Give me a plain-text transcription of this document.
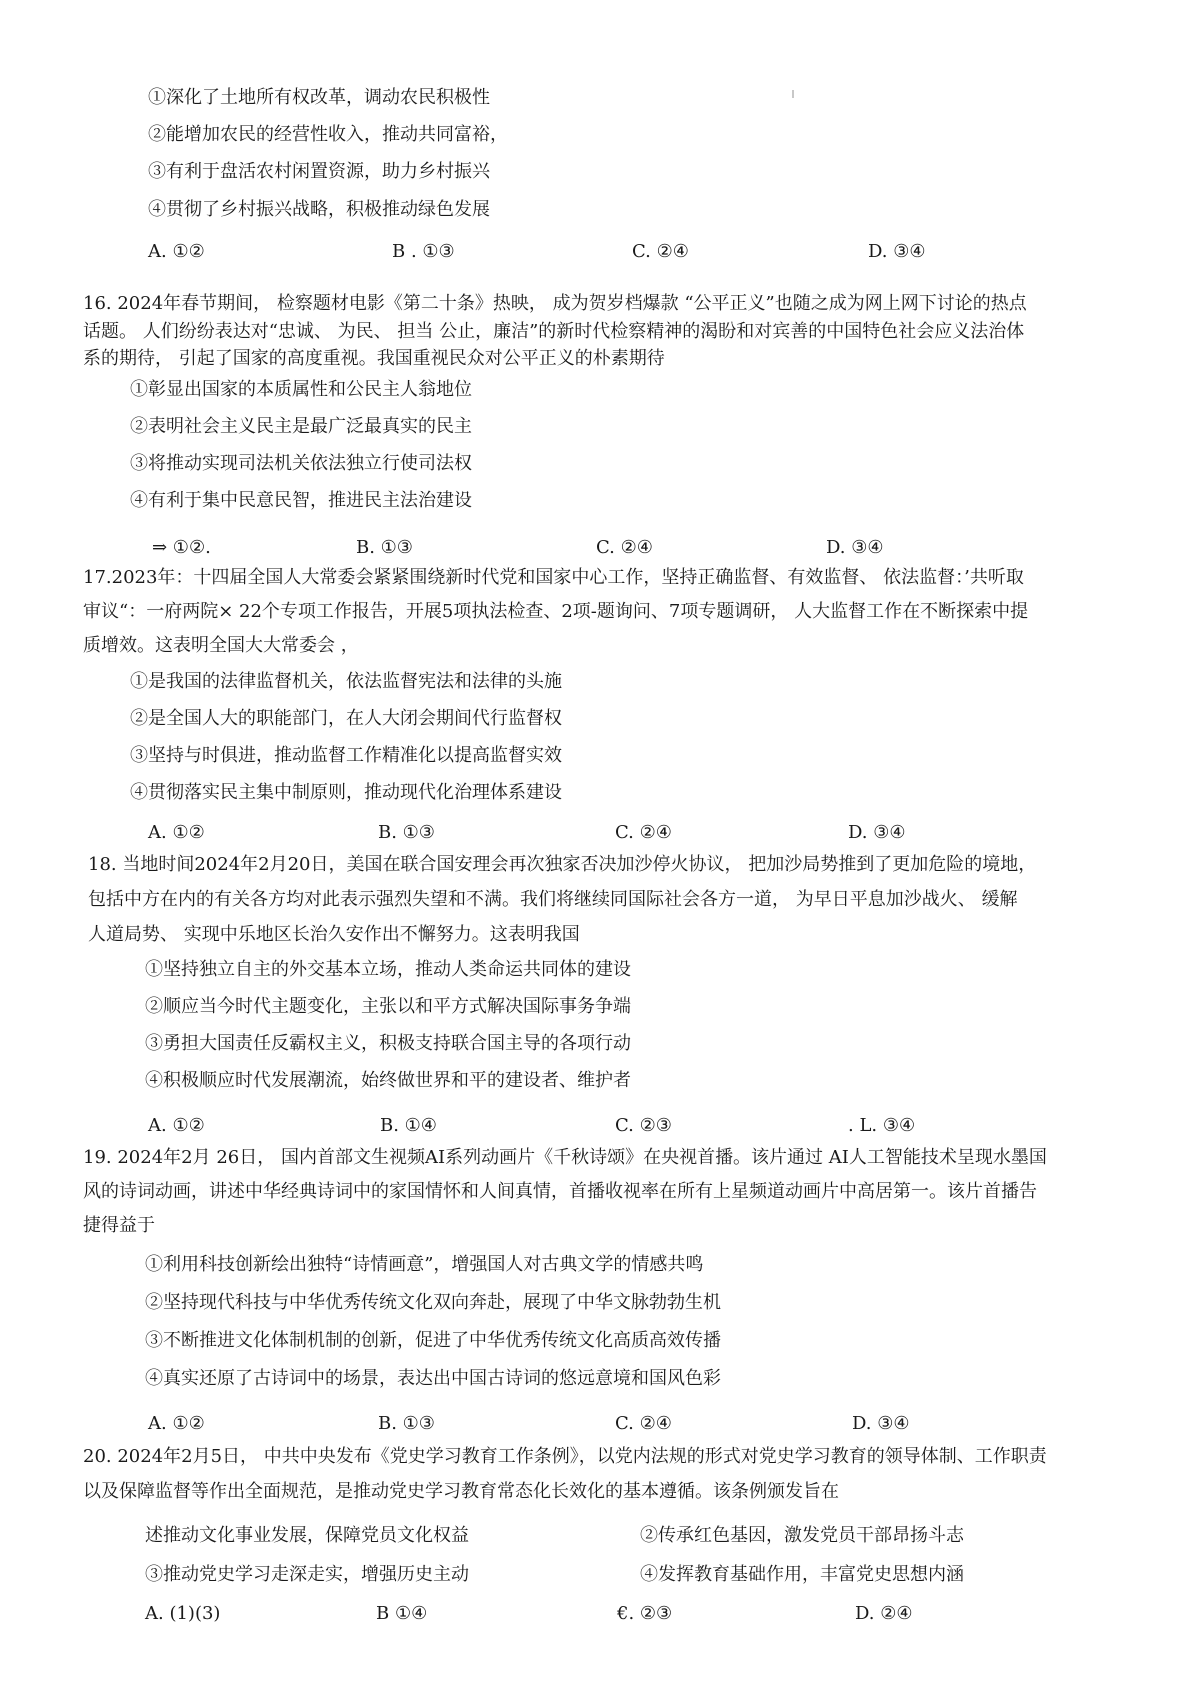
①深化了土地所有权改革，调动农民积极性
②能增加农民的经营性收入，推动共同富裕，
③有利于盘活农村闲置资源，助力乡村振兴
④贯彻了乡村振兴战略，积极推动绿色发展
A. ①②	B . ①③	C. ②④	D. ③④
16. 2024年春节期间， 检察题材电影《第二十条》热映， 成为贺岁档爆款 “公平正义”也随之成为网上网下讨论的热点
话题。 人们纷纷表达对“忠诚、 为民、 担当 公止，廉洁”的新时代检察精神的渴盼和对宾善的中国特色社会应义法治体
系的期待， 引起了国家的高度重视。我国重视民众对公平正义的朴素期待
①彰显出国家的本质属性和公民主人翁地位
②表明社会主义民主是最广泛最真实的民主
③将推动实现司法机关依法独立行使司法权
④有利于集中民意民智，推进民主法治建设
⇒ ①②.	B. ①③	C. ②④	D. ③④
17.2023年：十四届全国人大常委会紧紧围绕新时代党和国家中心工作，坚持正确监督、有效监督、 依法监督：’共听取
审议“：一府两院× 22个专项工作报告，开展5项执法检查、2项-题询问、7项专题调研， 人大监督工作在不断探索中提
质增效。这表明全国大大常委会 ，
①是我国的法律监督机关，依法监督宪法和法律的头施
②是全国人大的职能部门，在人大闭会期间代行监督权
③坚持与时俱进，推动监督工作精准化以提高监督实效
④贯彻落实民主集中制原则，推动现代化治理体系建设
A. ①②	B. ①③	C. ②④	D. ③④
18. 当地时间2024年2月20日，美国在联合国安理会再次独家否决加沙停火协议， 把加沙局势推到了更加危险的境地，
包括中方在内的有关各方均对此表示强烈失望和不满。我们将继续同国际社会各方一道， 为早日平息加沙战火、 缓解
人道局势、 实现中乐地区长治久安作出不懈努力。这表明我国
①坚持独立自主的外交基本立场，推动人类命运共同体的建设
②顺应当今时代主题变化，主张以和平方式解决国际事务争端
③勇担大国责任反霸权主义，积极支持联合国主导的各项行动
④积极顺应时代发展潮流，始终做世界和平的建设者、维护者
A. ①②	B. ①④	C. ②③	. L. ③④
19. 2024年2月 26日， 国内首部文生视频AI系列动画片《千秋诗颂》在央视首播。该片通过 AI人工智能技术呈现水墨国
风的诗词动画，讲述中华经典诗词中的家国情怀和人间真情，首播收视率在所有上星频道动画片中高居第一。该片首播告
捷得益于
①利用科技创新绘出独特“诗情画意”，增强国人对古典文学的情感共鸣
②坚持现代科技与中华优秀传统文化双向奔赴，展现了中华文脉勃勃生机
③不断推进文化体制机制的创新，促进了中华优秀传统文化高质高效传播
④真实还原了古诗词中的场景，表达出中国古诗词的悠远意境和国风色彩
A. ①②	B. ①③	C. ②④	D. ③④
20. 2024年2月5日， 中共中央发布《党史学习教育工作条例》，以党内法规的形式对党史学习教育的领导体制、工作职责
以及保障监督等作出全面规范，是推动党史学习教育常态化长效化的基本遵循。该条例颁发旨在
述推动文化事业发展，保障党员文化权益	②传承红色基因，激发党员干部昂扬斗志
③推动党史学习走深走实，增强历史主动	④发挥教育基础作用，丰富党史思想内涵
A. (1)(3)	B ①④	€. ②③	D. ②④
